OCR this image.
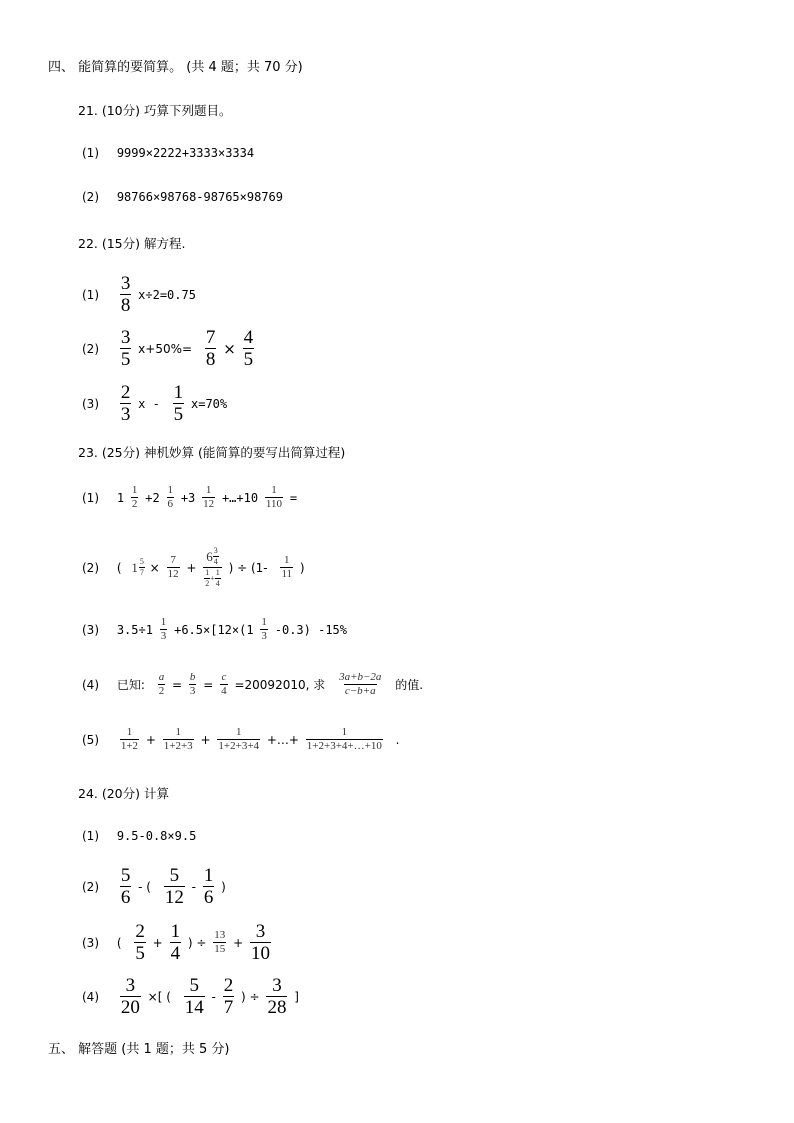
四、 能简算的要简算。 (共 4 题；共 70 分)
21. (10分) 巧算下列题目。
(1) 9999×2222+3333×3334
(2) 98766×98768-98765×98769
22. (15分) 解方程.
$(1) \frac{3}{8} x\div 2=0.75$
$(2) \frac{3}{5} x+50\%= \frac{7}{8} \times \frac{4}{5}$
$(3) \frac{2}{3}$ $x - \frac{1}{5} x=70\%$
23. (25分) 神机妙算 (能简算的要写出简算过程)
(1) $1 \frac{1}{2} +2 \frac{1}{6} +3 \frac{1}{12}$ +…+10 $\frac{1}{110}$ =
(2) ( $1 \frac{5}{7} \times \frac{7}{12} + \frac{6 \frac{3}{4}}{\frac{1}{2} + \frac{1}{4}}$ ) ÷ ($1- \frac{1}{11}$ )
(3) $3.5\div 1 \frac{1}{3} +6.5\times[12\times(1 \frac{1}{3} -0.3)$ -15%
(4) 已知: $\frac{a}{2} = \frac{b}{3} = \frac{c}{4} =20092010$, 求 $\frac{3a+b-2a}{c-b+a}$ 的值.
$(5) \frac{1}{1+2} + \frac{1}{1+2+3} + \frac{1}{1+2+3+4}$ +…+ $\frac{1}{1+2+3+4+\dots+10}$ .
24. (20分) 计算
(1) 9.5-0.8×9.5
$(2) \frac{5}{6}$ - ( $\frac{5}{12} - \frac{1}{6}$ )
(3) ( $\frac{2}{5} + \frac{1}{4}$ ) ÷ $\frac{13}{15} + \frac{3}{10}$
$(4) \frac{3}{20}$ ×[ ( $\frac{5}{14} - \frac{2}{7}$ ) ÷ $\frac{3}{28}$ ]
五、 解答题 (共 1 题；共 5 分)
